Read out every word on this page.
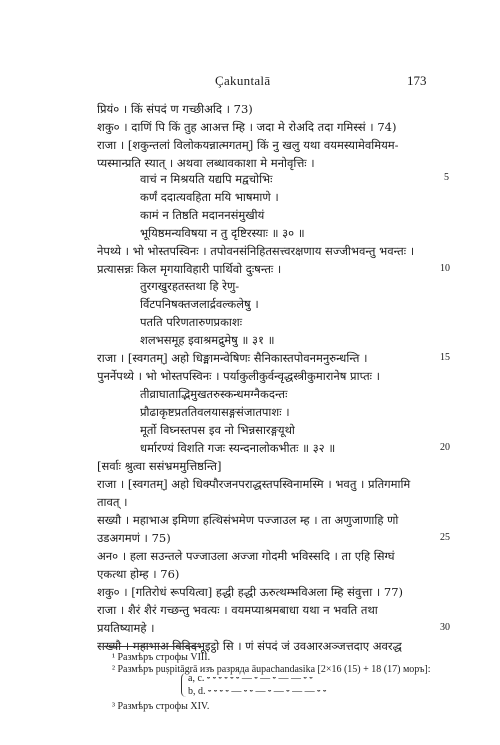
Çakuntalā	173
प्रियं० । किं संपदं ण गच्छीअदि । 73)
शकु० । दाणिं पि किं तुह आअत्त म्हि । जदा मे रोअदि तदा गमिस्सं । 74)
राजा । [शकुन्तलां विलोकयन्नात्मगतम्] किं नु खलु यथा वयमस्यामेवमियम-
प्यस्मान्प्रति स्यात् । अथवा लब्धावकाशा मे मनोवृत्तिः ।
वाचं न मिश्रयति यद्यपि मद्वचोभिः
कर्णं ददात्यवहिता मयि भाषमाणे ।
कामं न तिष्ठति मदाननसंमुखीयं
भूयिष्ठमन्यविषया न तु दृष्टिरस्याः ॥ ३० ॥
नेपथ्ये । भो भोस्तपस्विनः । तपोवनसंनिहितसत्त्वरक्षणाय सज्जीभवन्तु भवन्तः ।
प्रत्यासन्नः किल मृगयाविहारी पार्थिवो दुःषन्तः ।
तुरगखुरहतस्तथा हि रेणु-
र्विटपनिषक्तजलार्द्रवल्कलेषु ।
पतति परिणतारुणप्रकाशः
शलभसमूह इवाश्रमद्रुमेषु ॥ ३१ ॥
राजा । [स्वगतम्] अहो धिङ्मामन्वेषिणः सैनिकास्तपोवनमनुरुन्धन्ति ।
पुनर्नेपथ्ये । भो भोस्तपस्विनः । पर्याकुलीकुर्वन्वृद्धस्त्रीकुमारानेष प्राप्तः ।
तीव्राघाताद्भिमुखतरुस्कन्धमग्नैकदन्तः
प्रौढाकृष्टप्रततिवलयासङ्गसंजातपाशः ।
मूर्तो विघ्नस्तपस इव नो भिन्नसारङ्गयूथो
धर्मारण्यं विशति गजः स्यन्दनालोकभीतः ॥ ३२ ॥
[सर्वाः श्रुत्वा ससंभ्रममुत्तिष्ठन्ति]
राजा । [स्वगतम्] अहो धिक्पौरजनपराद्धस्तपस्विनामस्मि । भवतु । प्रतिगमामि
तावत् ।
सख्यौ । महाभाअ इमिणा हत्थिसंभमेण पज्जाउल म्ह । ता अणुजाणाहि णो
उडअगमणं । 75)
अन० । हला सउन्तले पज्जाउला अज्जा गोदमी भविस्सदि । ता एहि सिग्घं
एकत्था होम्ह । 76)
शकु० । [गतिरोधं रूपयित्वा] हद्धी हद्धी ऊरुत्थम्भविअला म्हि संवुत्ता । 77)
राजा । शैरं शैरं गच्छन्तु भवत्यः । वयमप्याश्रमबाधा यथा न भवति तथा
प्रयतिष्यामहे ।
सख्यौ । महाभाअ विदिदभूइट्ठो सि । णं संपदं जं उवआरअञ्जत्तदाए अवरद्ध
5
10
15
20
25
30
¹ Размѣръ строфы VIII.
² Размѣръ puṣpitāgrā изъ разряда āupachandasika [2×16 (15) + 18 (17) моръ]:
a, c. ⏑ ⏑ ⏑ ⏑ ⏑ ⏑ — ⏑ — ⏑ — — ⏑ ⏑
b, d. ⏑ ⏑ ⏑ ⏑ — ⏑ ⏑ — ⏑ — ⏑ — — ⏑ ⏑
³ Размѣръ строфы XIV.
